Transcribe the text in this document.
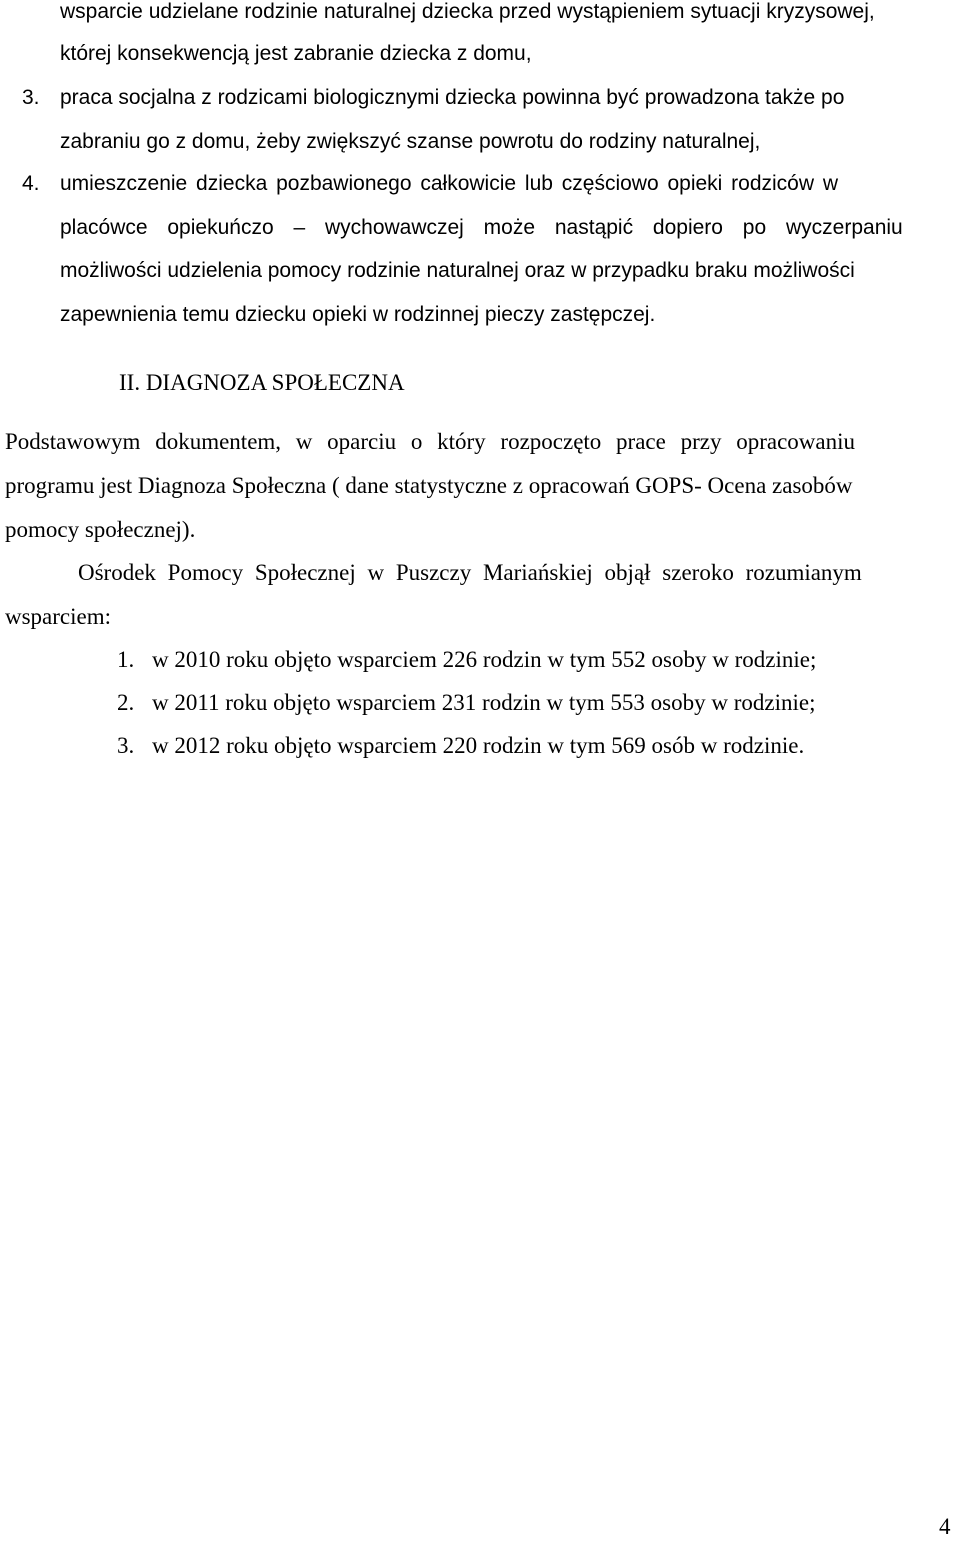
wsparcie udzielane rodzinie naturalnej dziecka przed wystąpieniem sytuacji kryzysowej,
której konsekwencją jest zabranie dziecka z domu,
3. praca socjalna z rodzicami biologicznymi dziecka powinna być prowadzona także po
zabraniu go z domu, żeby zwiększyć szanse powrotu do rodziny naturalnej,
4. umieszczenie dziecka pozbawionego całkowicie lub częściowo opieki rodziców w
placówce opiekuńczo – wychowawczej może nastąpić dopiero po wyczerpaniu
możliwości udzielenia pomocy rodzinie naturalnej oraz w przypadku braku możliwości
zapewnienia temu dziecku opieki w rodzinnej pieczy zastępczej.
II. DIAGNOZA SPOŁECZNA
Podstawowym dokumentem, w oparciu o który rozpoczęto prace przy opracowaniu
programu jest Diagnoza Społeczna ( dane statystyczne z opracowań GOPS- Ocena zasobów
pomocy społecznej).
Ośrodek Pomocy Społecznej w Puszczy Mariańskiej objął szeroko rozumianym
wsparciem:
1. w 2010 roku objęto wsparciem 226 rodzin w tym 552 osoby w rodzinie;
2. w 2011 roku objęto wsparciem 231 rodzin w tym 553 osoby w rodzinie;
3. w 2012 roku objęto wsparciem 220 rodzin w tym 569 osób w rodzinie.
4
